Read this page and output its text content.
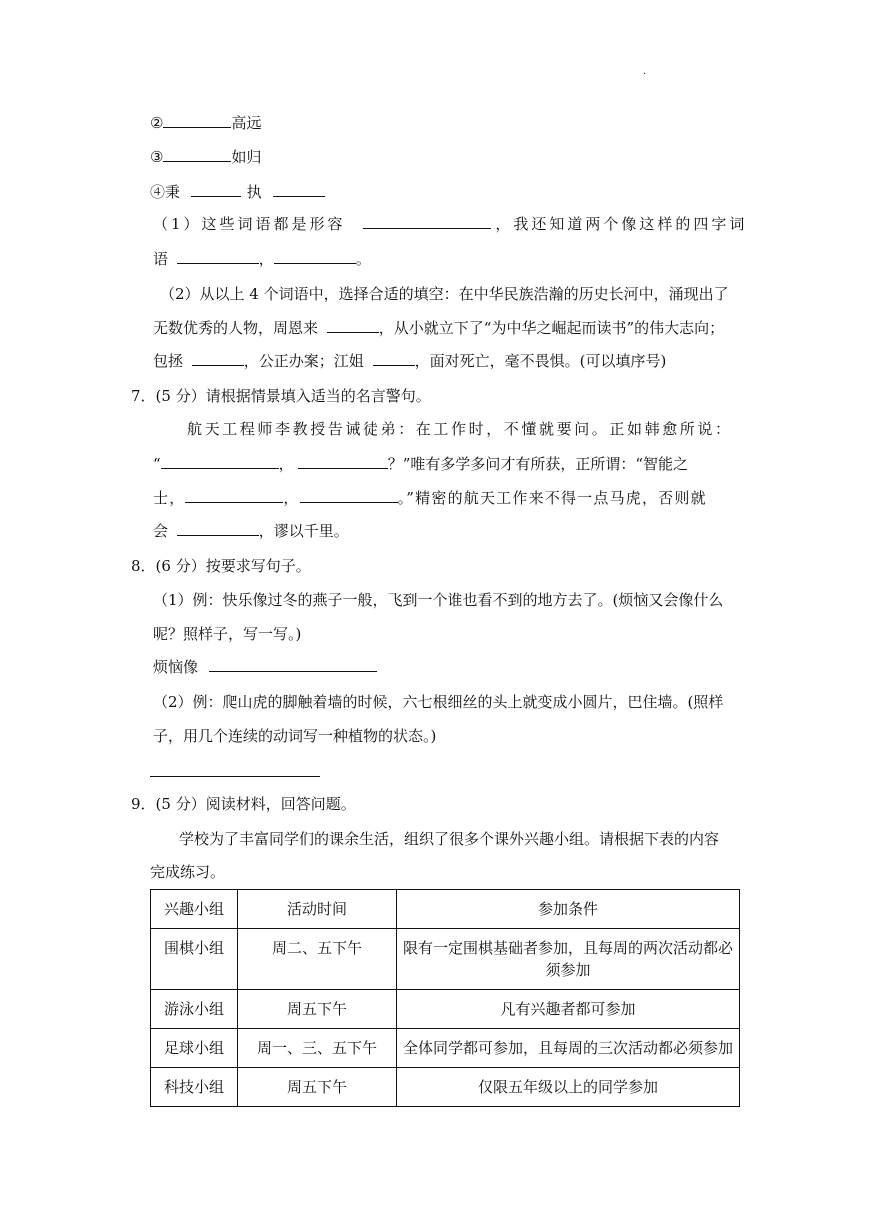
.
②	高远
③	如归
④秉	执
（1）这些词语都是形容	，我还知道两个像这样的四字词
语	，	。
（2）从以上 4 个词语中，选择合适的填空：在中华民族浩瀚的历史长河中，涌现出了
无数优秀的人物，周恩来	，从小就立下了“为中华之崛起而读书”的伟大志向；
包拯	，公正办案；江姐	，面对死亡，毫不畏惧。(可以填序号)
7．(5 分）请根据情景填入适当的名言警句。
航天工程师李教授告诫徒弟：在工作时，不懂就要问。正如韩愈所说：
“	，	？”唯有多学多问才有所获，正所谓：“智能之
士，	，	。”精密的航天工作来不得一点马虎，否则就
会	，谬以千里。
8．(6 分）按要求写句子。
（1）例：快乐像过冬的燕子一般，飞到一个谁也看不到的地方去了。(烦恼又会像什么
呢？照样子，写一写。)
烦恼像
（2）例：爬山虎的脚触着墙的时候，六七根细丝的头上就变成小圆片，巴住墙。(照样
子，用几个连续的动词写一种植物的状态。)
9．(5 分）阅读材料，回答问题。
学校为了丰富同学们的课余生活，组织了很多个课外兴趣小组。请根据下表的内容
完成练习。
兴趣小组	活动时间	参加条件
围棋小组	周二、五下午	限有一定围棋基础者参加，且每周的两次活动都必须参加
游泳小组	周五下午	凡有兴趣者都可参加
足球小组	周一、三、五下午	全体同学都可参加，且每周的三次活动都必须参加
科技小组	周五下午	仅限五年级以上的同学参加
